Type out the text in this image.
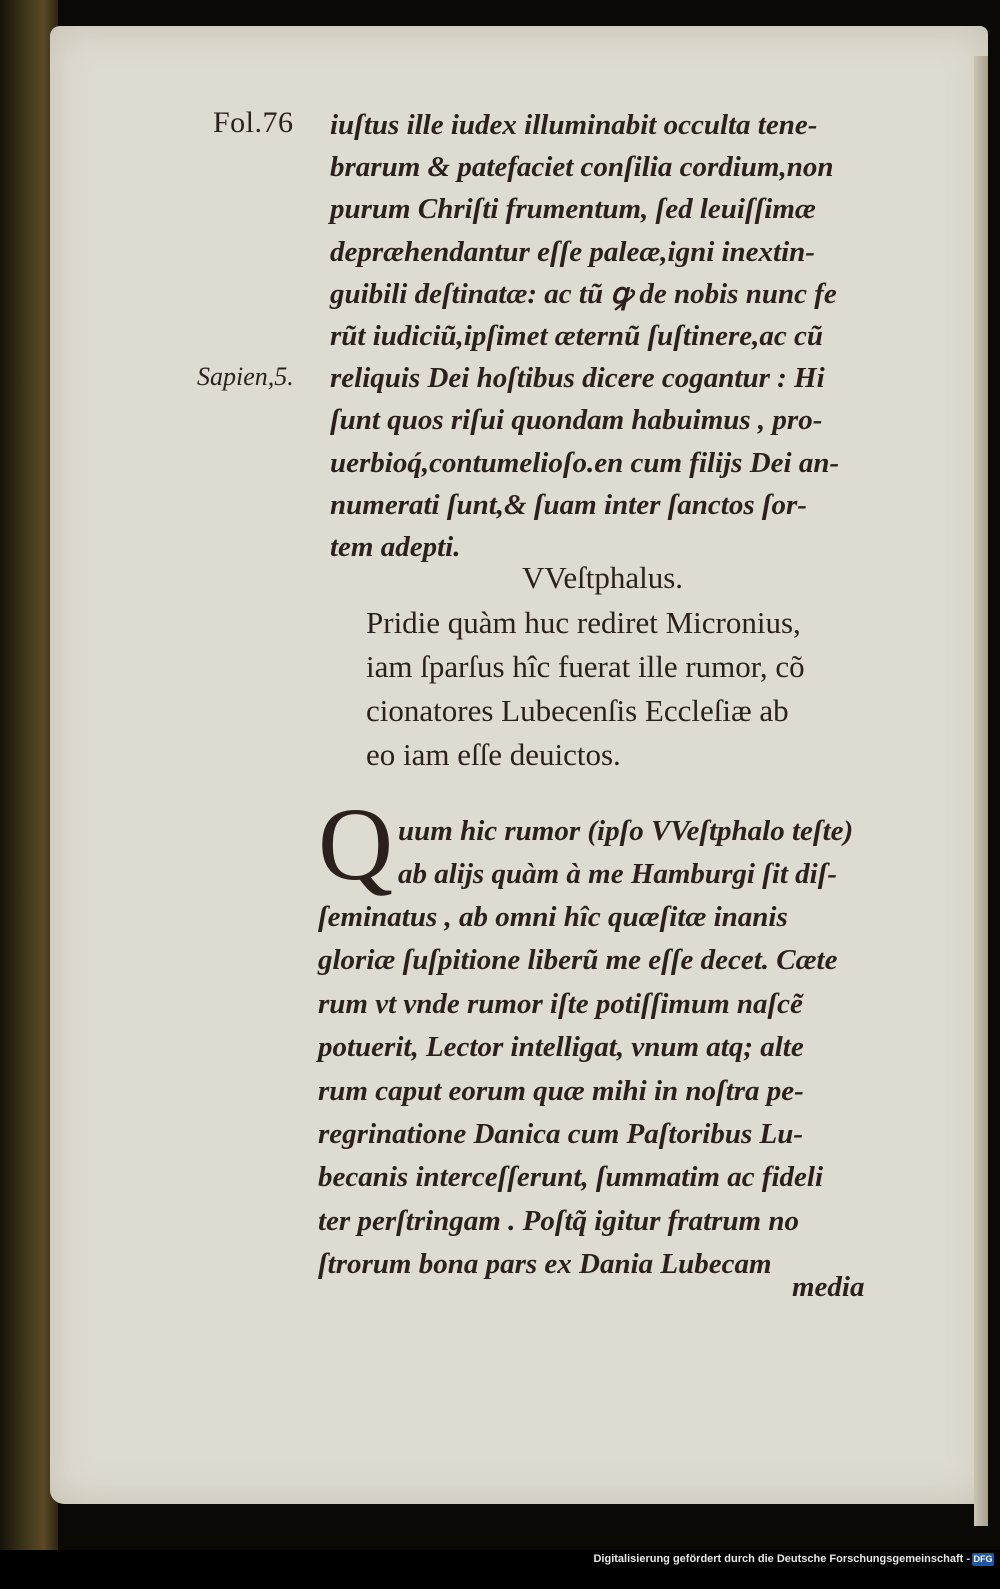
Fol.76
Sapien,5.

iuſtus ille iudex illuminabit occulta tene-
brarum & patefaciet conſilia cordium,non
purum Chriſti frumentum, ſed leuiſſimæ
depræhendantur eſſe paleæ,igni inextin-
guibili deſtinatæ: ac tũ ꝙ de nobis nunc fe
rũt iudiciũ,ipſimet æternũ ſuſtinere,ac cũ
reliquis Dei hoſtibus dicere cogantur : Hi
ſunt quos riſui quondam habuimus , pro-
uerbioq́,contumelioſo.en cum filijs Dei an-
numerati ſunt,& ſuam inter ſanctos ſor-
tem adepti.

VVeſtphalus.

Pridie quàm huc rediret Micronius,
iam ſparſus hîc fuerat ille rumor, cõ
cionatores Lubecenſis Eccleſiæ ab
eo iam eſſe deuictos.

Q uum hic rumor (ipſo VVeſtphalo teſte)
ab alijs quàm à me Hamburgi ſit diſ-

ſeminatus , ab omni hîc quæſitæ inanis
gloriæ ſuſpitione liberũ me eſſe decet. Cæte
rum vt vnde rumor iſte potiſſimum naſcẽ
potuerit, Lector intelligat, vnum atq; alte
rum caput eorum quæ mihi in noſtra pe-
regrinatione Danica cum Paſtoribus Lu-
becanis interceſſerunt, ſummatim ac fideli
ter perſtringam . Poſtq̃ igitur fratrum no
ſtrorum bona pars ex Dania Lubecam

media
Digitalisierung gefördert durch die Deutsche Forschungsgemeinschaft - DFG
